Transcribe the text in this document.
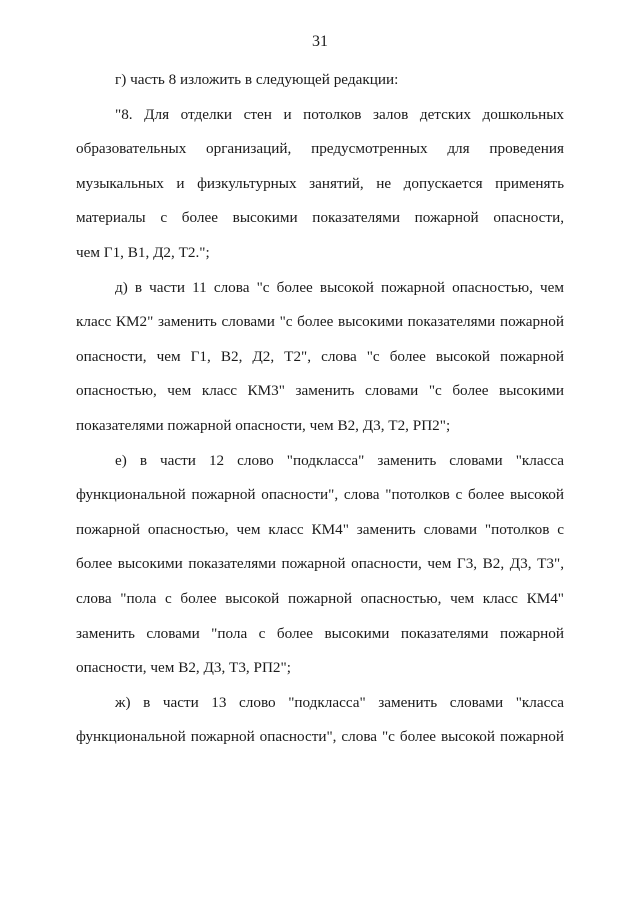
31
г) часть 8 изложить в следующей редакции:
"8. Для отделки стен и потолков залов детских дошкольных
образовательных организаций, предусмотренных для проведения
музыкальных и физкультурных занятий, не допускается применять
материалы с более высокими показателями пожарной опасности,
чем Г1, В1, Д2, Т2.";
д) в части 11 слова "с более высокой пожарной опасностью, чем
класс КМ2" заменить словами "с более высокими показателями пожарной
опасности, чем Г1, В2, Д2, Т2", слова "с более высокой пожарной
опасностью, чем класс КМ3" заменить словами "с более высокими
показателями пожарной опасности, чем В2, Д3, Т2, РП2";
е) в части 12 слово "подкласса" заменить словами "класса
функциональной пожарной опасности", слова "потолков с более высокой
пожарной опасностью, чем класс КМ4" заменить словами "потолков с
более высокими показателями пожарной опасности, чем Г3, В2, Д3, Т3",
слова "пола с более высокой пожарной опасностью, чем класс КМ4"
заменить словами "пола с более высокими показателями пожарной
опасности, чем В2, Д3, Т3, РП2";
ж) в части 13 слово "подкласса" заменить словами "класса
функциональной пожарной опасности", слова "с более высокой пожарной
